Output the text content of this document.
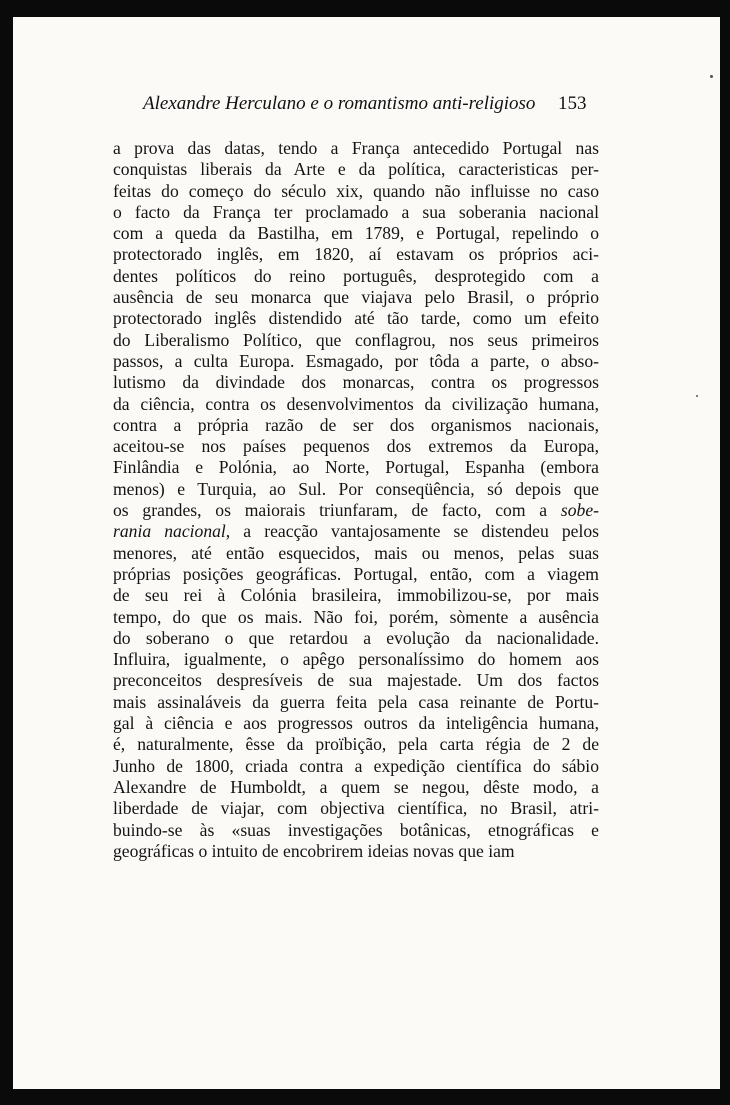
Alexandre Herculano e o romantismo anti-religioso 153
a prova das datas, tendo a França antecedido Portugal nas
conquistas liberais da Arte e da política, caracteristicas per-
feitas do começo do século xix, quando não influisse no caso
o facto da França ter proclamado a sua soberania nacional
com a queda da Bastilha, em 1789, e Portugal, repelindo o
protectorado inglês, em 1820, aí estavam os próprios aci-
dentes políticos do reino português, desprotegido com a
ausência de seu monarca que viajava pelo Brasil, o próprio
protectorado inglês distendido até tão tarde, como um efeito
do Liberalismo Político, que conflagrou, nos seus primeiros
passos, a culta Europa. Esmagado, por tôda a parte, o abso-
lutismo da divindade dos monarcas, contra os progressos
da ciência, contra os desenvolvimentos da civilização humana,
contra a própria razão de ser dos organismos nacionais,
aceitou-se nos países pequenos dos extremos da Europa,
Finlândia e Polónia, ao Norte, Portugal, Espanha (embora
menos) e Turquia, ao Sul. Por conseqüência, só depois que
os grandes, os maiorais triunfaram, de facto, com a sobe-
rania nacional, a reacção vantajosamente se distendeu pelos
menores, até então esquecidos, mais ou menos, pelas suas
próprias posições geográficas. Portugal, então, com a viagem
de seu rei à Colónia brasileira, immobilizou-se, por mais
tempo, do que os mais. Não foi, porém, sòmente a ausência
do soberano o que retardou a evolução da nacionalidade.
Influira, igualmente, o apêgo personalíssimo do homem aos
preconceitos despresíveis de sua majestade. Um dos factos
mais assinaláveis da guerra feita pela casa reinante de Portu-
gal à ciência e aos progressos outros da inteligência humana,
é, naturalmente, êsse da proïbição, pela carta régia de 2 de
Junho de 1800, criada contra a expedição científica do sábio
Alexandre de Humboldt, a quem se negou, dêste modo, a
liberdade de viajar, com objectiva científica, no Brasil, atri-
buindo-se às «suas investigações botânicas, etnográficas e
geográficas o intuito de encobrirem ideias novas que iam
